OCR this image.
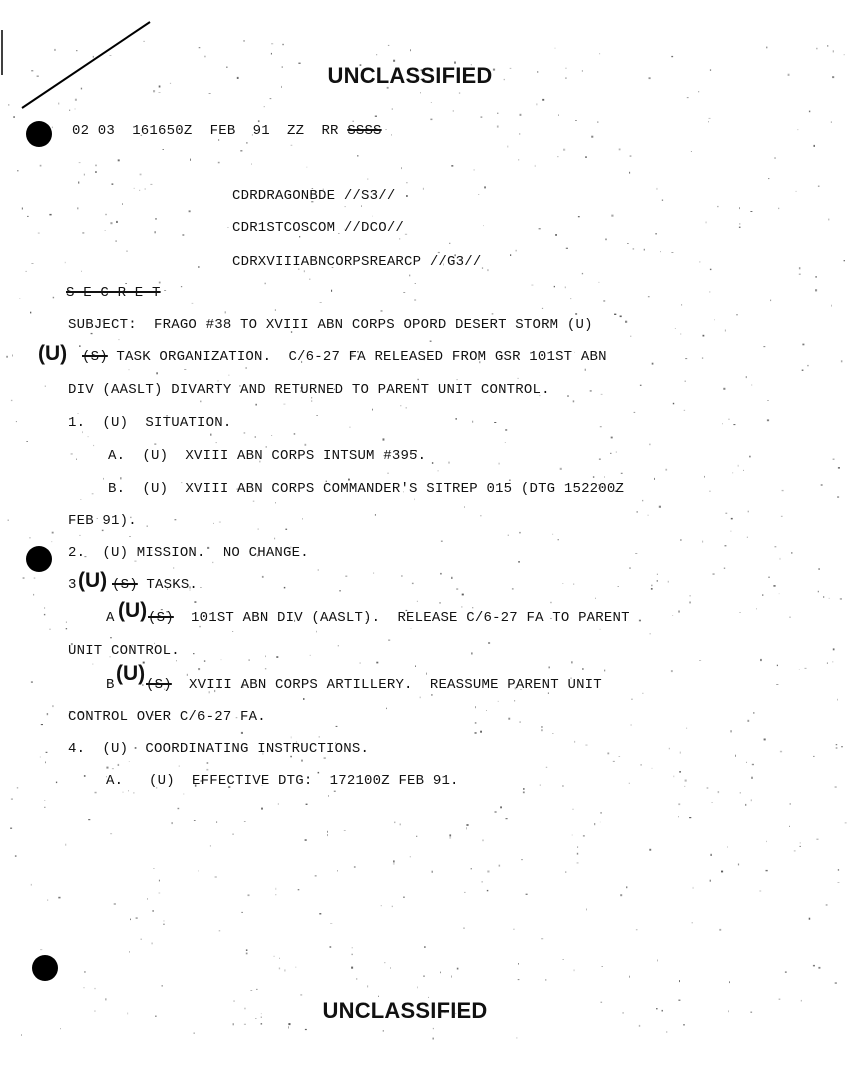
UNCLASSIFIED
02 03  161650Z  FEB  91  ZZ  RR SSSS
CDRDRAGONBDE //S3//
CDR1STCOSCOM //DCO//
CDRXVIIIABNCORPSREARCP //G3//
S E C R E T
SUBJECT:  FRAGO #38 TO XVIII ABN CORPS OPORD DESERT STORM (U)
(U) (S) TASK ORGANIZATION.  C/6-27 FA RELEASED FROM GSR 101ST ABN
DIV (AASLT) DIVARTY AND RETURNED TO PARENT UNIT CONTROL.
1.  (U)  SITUATION.
A.  (U)  XVIII ABN CORPS INTSUM #395.
B.  (U)  XVIII ABN CORPS COMMANDER'S SITREP 015 (DTG 152200Z
FEB 91).
2.  (U) MISSION.  NO CHANGE.
3 (U) (S) TASKS.
A (U) (S)  101ST ABN DIV (AASLT).  RELEASE C/6-27 FA TO PARENT
UNIT CONTROL.
B (U) (S)  XVIII ABN CORPS ARTILLERY.  REASSUME PARENT UNIT
CONTROL OVER C/6-27 FA.
4.  (U)  COORDINATING INSTRUCTIONS.
A.   (U)  EFFECTIVE DTG:  172100Z FEB 91.
UNCLASSIFIED
